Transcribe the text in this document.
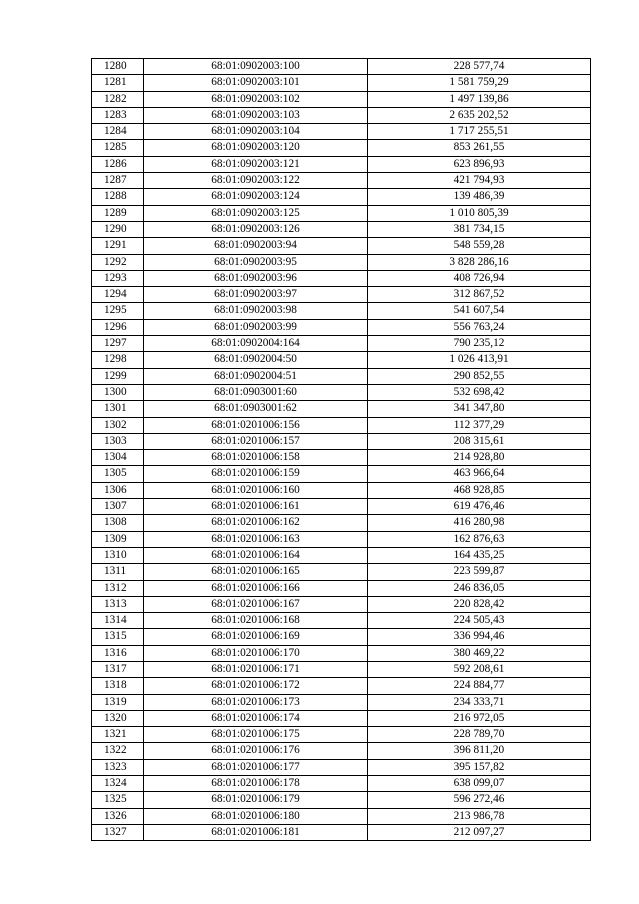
1280	68:01:0902003:100	228 577,74
1281	68:01:0902003:101	1 581 759,29
1282	68:01:0902003:102	1 497 139,86
1283	68:01:0902003:103	2 635 202,52
1284	68:01:0902003:104	1 717 255,51
1285	68:01:0902003:120	853 261,55
1286	68:01:0902003:121	623 896,93
1287	68:01:0902003:122	421 794,93
1288	68:01:0902003:124	139 486,39
1289	68:01:0902003:125	1 010 805,39
1290	68:01:0902003:126	381 734,15
1291	68:01:0902003:94	548 559,28
1292	68:01:0902003:95	3 828 286,16
1293	68:01:0902003:96	408 726,94
1294	68:01:0902003:97	312 867,52
1295	68:01:0902003:98	541 607,54
1296	68:01:0902003:99	556 763,24
1297	68:01:0902004:164	790 235,12
1298	68:01:0902004:50	1 026 413,91
1299	68:01:0902004:51	290 852,55
1300	68:01:0903001:60	532 698,42
1301	68:01:0903001:62	341 347,80
1302	68:01:0201006:156	112 377,29
1303	68:01:0201006:157	208 315,61
1304	68:01:0201006:158	214 928,80
1305	68:01:0201006:159	463 966,64
1306	68:01:0201006:160	468 928,85
1307	68:01:0201006:161	619 476,46
1308	68:01:0201006:162	416 280,98
1309	68:01:0201006:163	162 876,63
1310	68:01:0201006:164	164 435,25
1311	68:01:0201006:165	223 599,87
1312	68:01:0201006:166	246 836,05
1313	68:01:0201006:167	220 828,42
1314	68:01:0201006:168	224 505,43
1315	68:01:0201006:169	336 994,46
1316	68:01:0201006:170	380 469,22
1317	68:01:0201006:171	592 208,61
1318	68:01:0201006:172	224 884,77
1319	68:01:0201006:173	234 333,71
1320	68:01:0201006:174	216 972,05
1321	68:01:0201006:175	228 789,70
1322	68:01:0201006:176	396 811,20
1323	68:01:0201006:177	395 157,82
1324	68:01:0201006:178	638 099,07
1325	68:01:0201006:179	596 272,46
1326	68:01:0201006:180	213 986,78
1327	68:01:0201006:181	212 097,27
